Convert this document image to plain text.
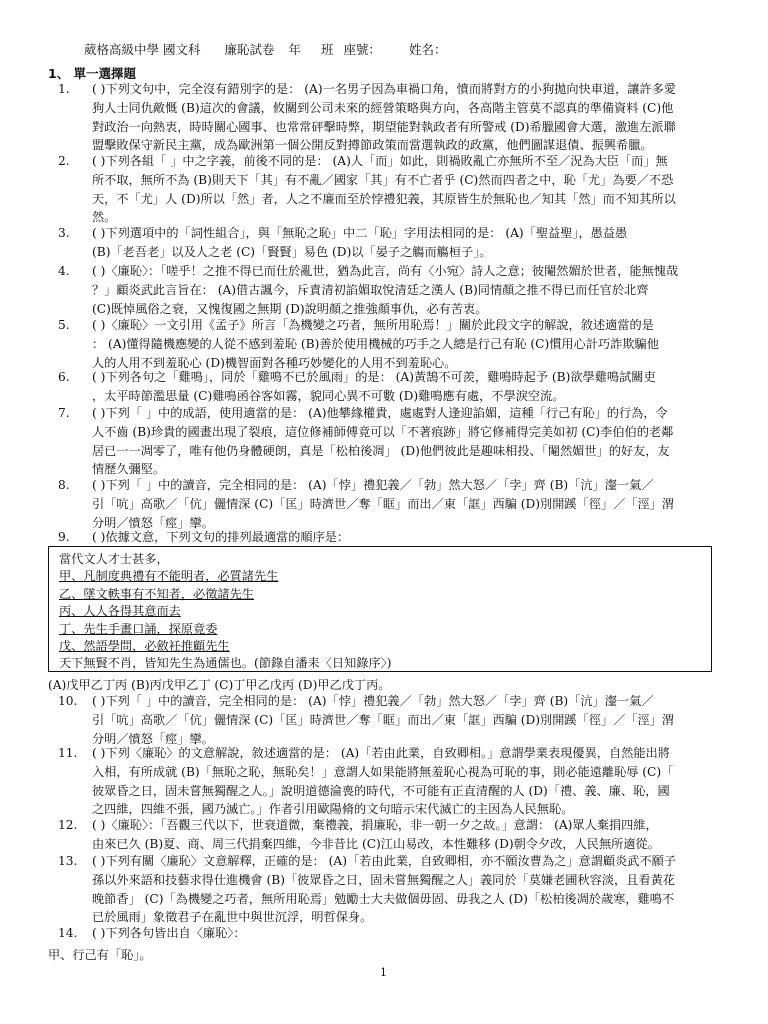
葳格高級中學 國文科 廉恥試卷 年 班 座號： 姓名：
1、 單一選擇題
1. ( )下列文句中，完全沒有錯別字的是： (A)一名男子因為車禍口角，憤而將對方的小狗拋向快車道，讓許多愛
狗人士同仇敵慨 (B)這次的會議，攸關到公司未來的經營策略與方向，各高階主管莫不認真的準備資料 (C)他
對政治一向熱衷，時時關心國事、也常常砰擊時弊，期望能對執政者有所警戒 (D)希臘國會大選，激進左派聯
盟擊敗保守新民主黨，成為歐洲第一個公開反對撙節政策而當選執政的政黨，他們圖謀退債、振興希臘。
2. ( )下列各組「 」中之字義，前後不同的是： (A)人「而」如此，則禍敗亂亡亦無所不至／況為大臣「而」無
所不取，無所不為 (B)則天下「其」有不亂／國家「其」有不亡者乎 (C)然而四者之中，恥「尤」為要／不恐
天，不「尤」人 (D)所以「然」者，人之不廉而至於悖禮犯義，其原皆生於無恥也／知其「然」而不知其所以
然。
3. ( )下列選項中的「詞性組合」，與「無恥之恥」中二「恥」字用法相同的是： (A)「聖益聖」，愚益愚
(B)「老吾老」以及人之老 (C)「賢賢」易色 (D)以「晏子之觴而觴桓子」。
4. ( )〈廉恥〉：「嗟乎！之推不得已而仕於亂世，猶為此言，尚有〈小宛〉詩人之意；彼閹然媚於世者，能無愧哉
？」顧炎武此言旨在： (A)借古諷今，斥責清初諂媚取悅清廷之漢人 (B)同情顏之推不得已而任官於北齊
(C)既悼風俗之衰，又愧復國之無期 (D)說明顏之推強顏事仇，必有苦衷。
5. ( )〈廉恥〉一文引用《孟子》所言「為機變之巧者，無所用恥焉！」關於此段文字的解說，敘述適當的是
： (A)懂得隨機應變的人從不感到羞恥 (B)善於使用機械的巧手之人總是行己有恥 (C)慣用心計巧詐欺騙他
人的人用不到羞恥心 (D)機智面對各種巧妙變化的人用不到羞恥心。
6. ( )下列各句之「雞鳴」，同於「雞鳴不已於風雨」的是： (A)黃鵠不可羨，雞鳴時起予 (B)欲學雞鳴試關吏
，太平時節濫思量 (C)雞鳴函谷客如霧，貌同心異不可數 (D)雞鳴應有處，不學淚空流。
7. ( )下列「 」中的成語，使用適當的是： (A)他攀緣權貴，處處對人逢迎諂媚，這種「行己有恥」的行為，令
人不齒 (B)珍貴的國畫出現了裂痕，這位修補師傅竟可以「不著痕跡」將它修補得完美如初 (C)李伯伯的老鄰
居已一一凋零了，唯有他仍身體硬朗，真是「松柏後凋」 (D)他們彼此是趣味相投、「閹然媚世」的好友，友
情歷久彌堅。
8. ( )下列「 」中的讀音，完全相同的是： (A)「悖」禮犯義／「勃」然大怒／「孛」齊 (B)「沆」瀣一氣／
引「吭」高歌／「伉」儷情深 (C)「匡」時濟世／奪「眶」而出／東「誆」西騙 (D)別開蹊「徑」／「涇」渭
分明／憤怒「痙」攣。
9. ( )依據文意，下列文句的排列最適當的順序是：
當代文人才士甚多，
甲、凡制度典禮有不能明者，必質諸先生
乙、墜文軼事有不知者，必徵諸先生
丙、人人各得其意而去
丁、先生手畫口誦，探原竟委
戊、然語學問，必斂衽推顧先生
天下無賢不肖，皆知先生為通儒也。(節錄自潘耒〈日知錄序〉)
(A)戊甲乙丁丙 (B)丙戊甲乙丁 (C)丁甲乙戊丙 (D)甲乙戊丁丙。
10. ( )下列「 」中的讀音，完全相同的是： (A)「悖」禮犯義／「勃」然大怒／「孛」齊 (B)「沆」瀣一氣／
引「吭」高歌／「伉」儷情深 (C)「匡」時濟世／奪「眶」而出／東「誆」西騙 (D)別開蹊「徑」／「涇」渭
分明／憤怒「痙」攣。
11. ( )下列〈廉恥〉的文意解說，敘述適當的是： (A)「若由此業，自致卿相。」意謂學業表現優異，自然能出將
入相，有所成就 (B)「無恥之恥，無恥矣！」意謂人如果能將無羞恥心視為可恥的事，則必能遠離恥辱 (C)「
彼眾昏之日，固未嘗無獨醒之人。」說明道德淪喪的時代，不可能有正直清醒的人 (D)「禮、義、廉、恥，國
之四維，四維不張，國乃滅亡。」作者引用歐陽脩的文句暗示宋代滅亡的主因為人民無恥。
12. ( )〈廉恥〉：「吾觀三代以下，世衰道微，棄禮義，捐廉恥，非一朝一夕之故。」意謂： (A)眾人棄捐四維，
由來已久 (B)夏、商、周三代捐棄四維，今非昔比 (C)江山易改，本性難移 (D)朝令夕改，人民無所適從。
13. ( )下列有關〈廉恥〉文意解釋，正確的是： (A)「若由此業，自致卿相，亦不願汝曹為之」意謂顧炎武不願子
孫以外來語和技藝求得仕進機會 (B)「彼眾昏之日，固未嘗無獨醒之人」義同於「莫嫌老圃秋容淡，且看黃花
晚節香」 (C)「為機變之巧者，無所用恥焉」勉勵士大夫做個毋固、毋我之人 (D)「松柏後凋於歲寒，雞鳴不
已於風雨」象徵君子在亂世中與世沉浮，明哲保身。
14. ( )下列各句皆出自〈廉恥〉：
甲、行己有「恥」。
1
